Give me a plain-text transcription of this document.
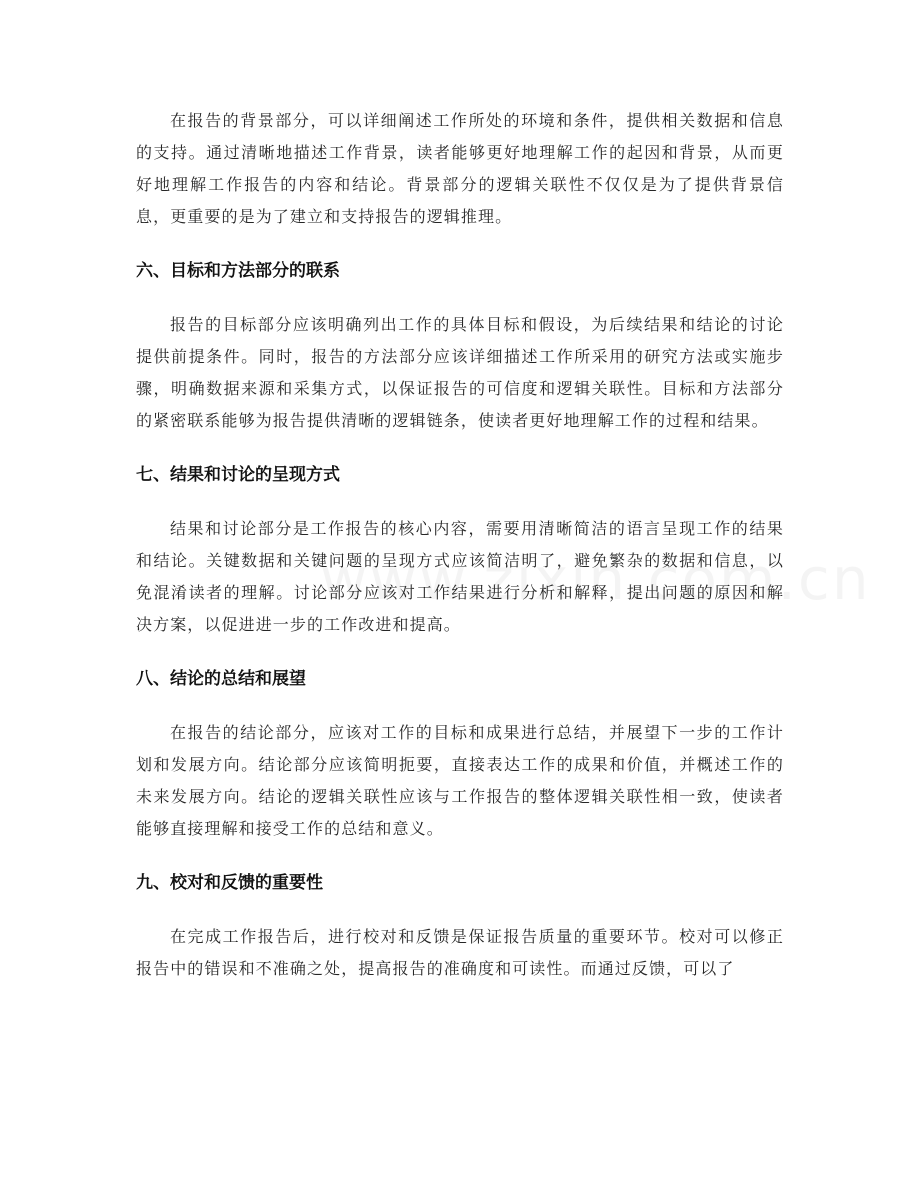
在报告的背景部分，可以详细阐述工作所处的环境和条件，提供相关数据和信息的支持。通过清晰地描述工作背景，读者能够更好地理解工作的起因和背景，从而更好地理解工作报告的内容和结论。背景部分的逻辑关联性不仅仅是为了提供背景信息，更重要的是为了建立和支持报告的逻辑推理。

六、目标和方法部分的联系

报告的目标部分应该明确列出工作的具体目标和假设，为后续结果和结论的讨论提供前提条件。同时，报告的方法部分应该详细描述工作所采用的研究方法或实施步骤，明确数据来源和采集方式，以保证报告的可信度和逻辑关联性。目标和方法部分的紧密联系能够为报告提供清晰的逻辑链条，使读者更好地理解工作的过程和结果。

七、结果和讨论的呈现方式

结果和讨论部分是工作报告的核心内容，需要用清晰简洁的语言呈现工作的结果和结论。关键数据和关键问题的呈现方式应该简洁明了，避免繁杂的数据和信息，以免混淆读者的理解。讨论部分应该对工作结果进行分析和解释，提出问题的原因和解决方案，以促进进一步的工作改进和提高。

八、结论的总结和展望

在报告的结论部分，应该对工作的目标和成果进行总结，并展望下一步的工作计划和发展方向。结论部分应该简明扼要，直接表达工作的成果和价值，并概述工作的未来发展方向。结论的逻辑关联性应该与工作报告的整体逻辑关联性相一致，使读者能够直接理解和接受工作的总结和意义。

九、校对和反馈的重要性

在完成工作报告后，进行校对和反馈是保证报告质量的重要环节。校对可以修正报告中的错误和不准确之处，提高报告的准确度和可读性。而通过反馈，可以了
